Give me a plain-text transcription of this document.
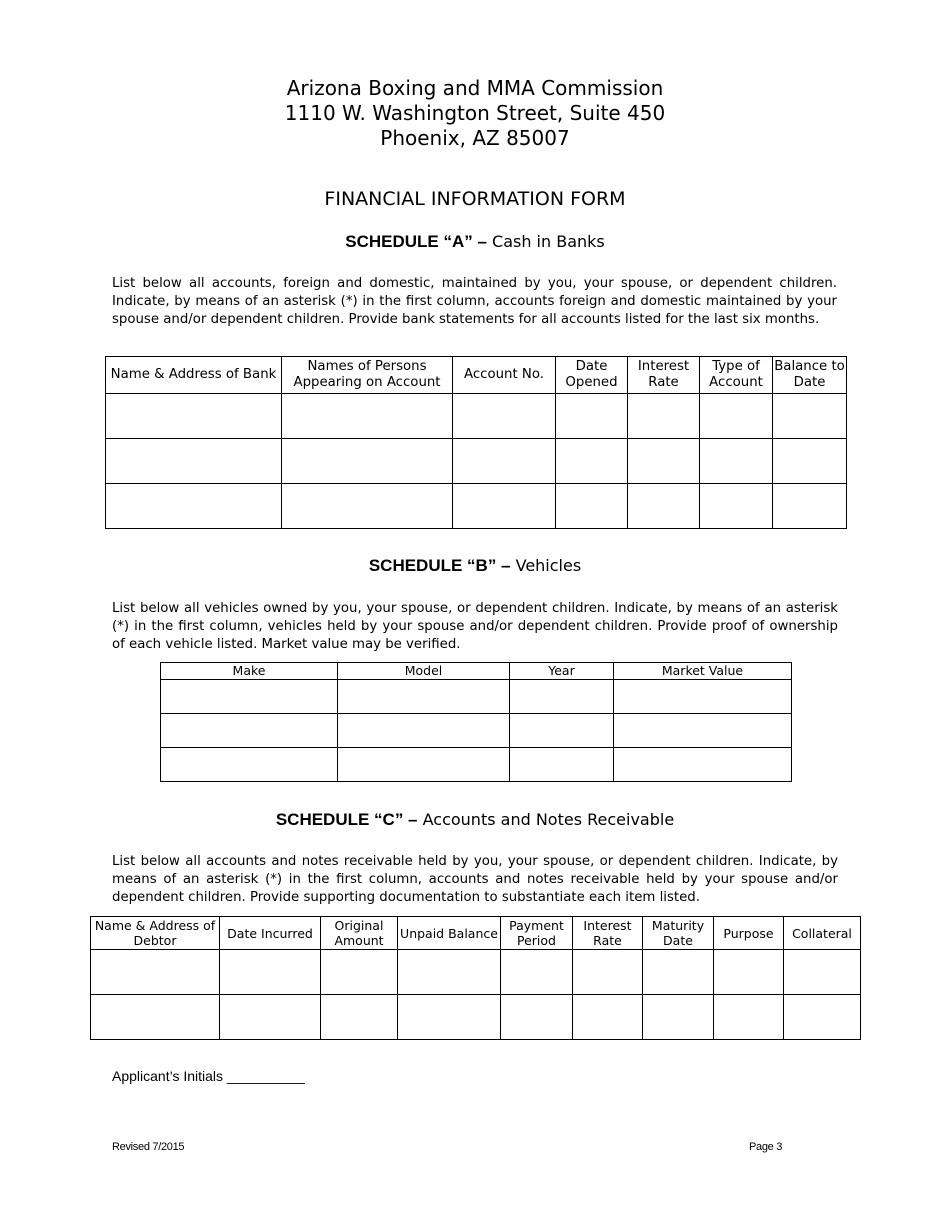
Arizona Boxing and MMA Commission
1110 W. Washington Street, Suite 450
Phoenix, AZ 85007
FINANCIAL INFORMATION FORM
SCHEDULE “A” – Cash in Banks
List below all accounts, foreign and domestic, maintained by you, your spouse, or dependent children. Indicate, by means of an asterisk (*) in the first column, accounts foreign and domestic maintained by your spouse and/or dependent children. Provide bank statements for all accounts listed for the last six months.
Name & Address of Bank	Names of Persons Appearing on Account	Account No.	Date Opened	Interest Rate	Type of Account	Balance to Date

SCHEDULE “B” – Vehicles
List below all vehicles owned by you, your spouse, or dependent children. Indicate, by means of an asterisk (*) in the first column, vehicles held by your spouse and/or dependent children. Provide proof of ownership of each vehicle listed. Market value may be verified.
Make	Model	Year	Market Value

SCHEDULE “C” – Accounts and Notes Receivable
List below all accounts and notes receivable held by you, your spouse, or dependent children. Indicate, by means of an asterisk (*) in the first column, accounts and notes receivable held by your spouse and/or dependent children. Provide supporting documentation to substantiate each item listed.
Name & Address of Debtor	Date Incurred	Original Amount	Unpaid Balance	Payment Period	Interest Rate	Maturity Date	Purpose	Collateral

Applicant’s Initials __________
Revised 7/2015	Page 3
